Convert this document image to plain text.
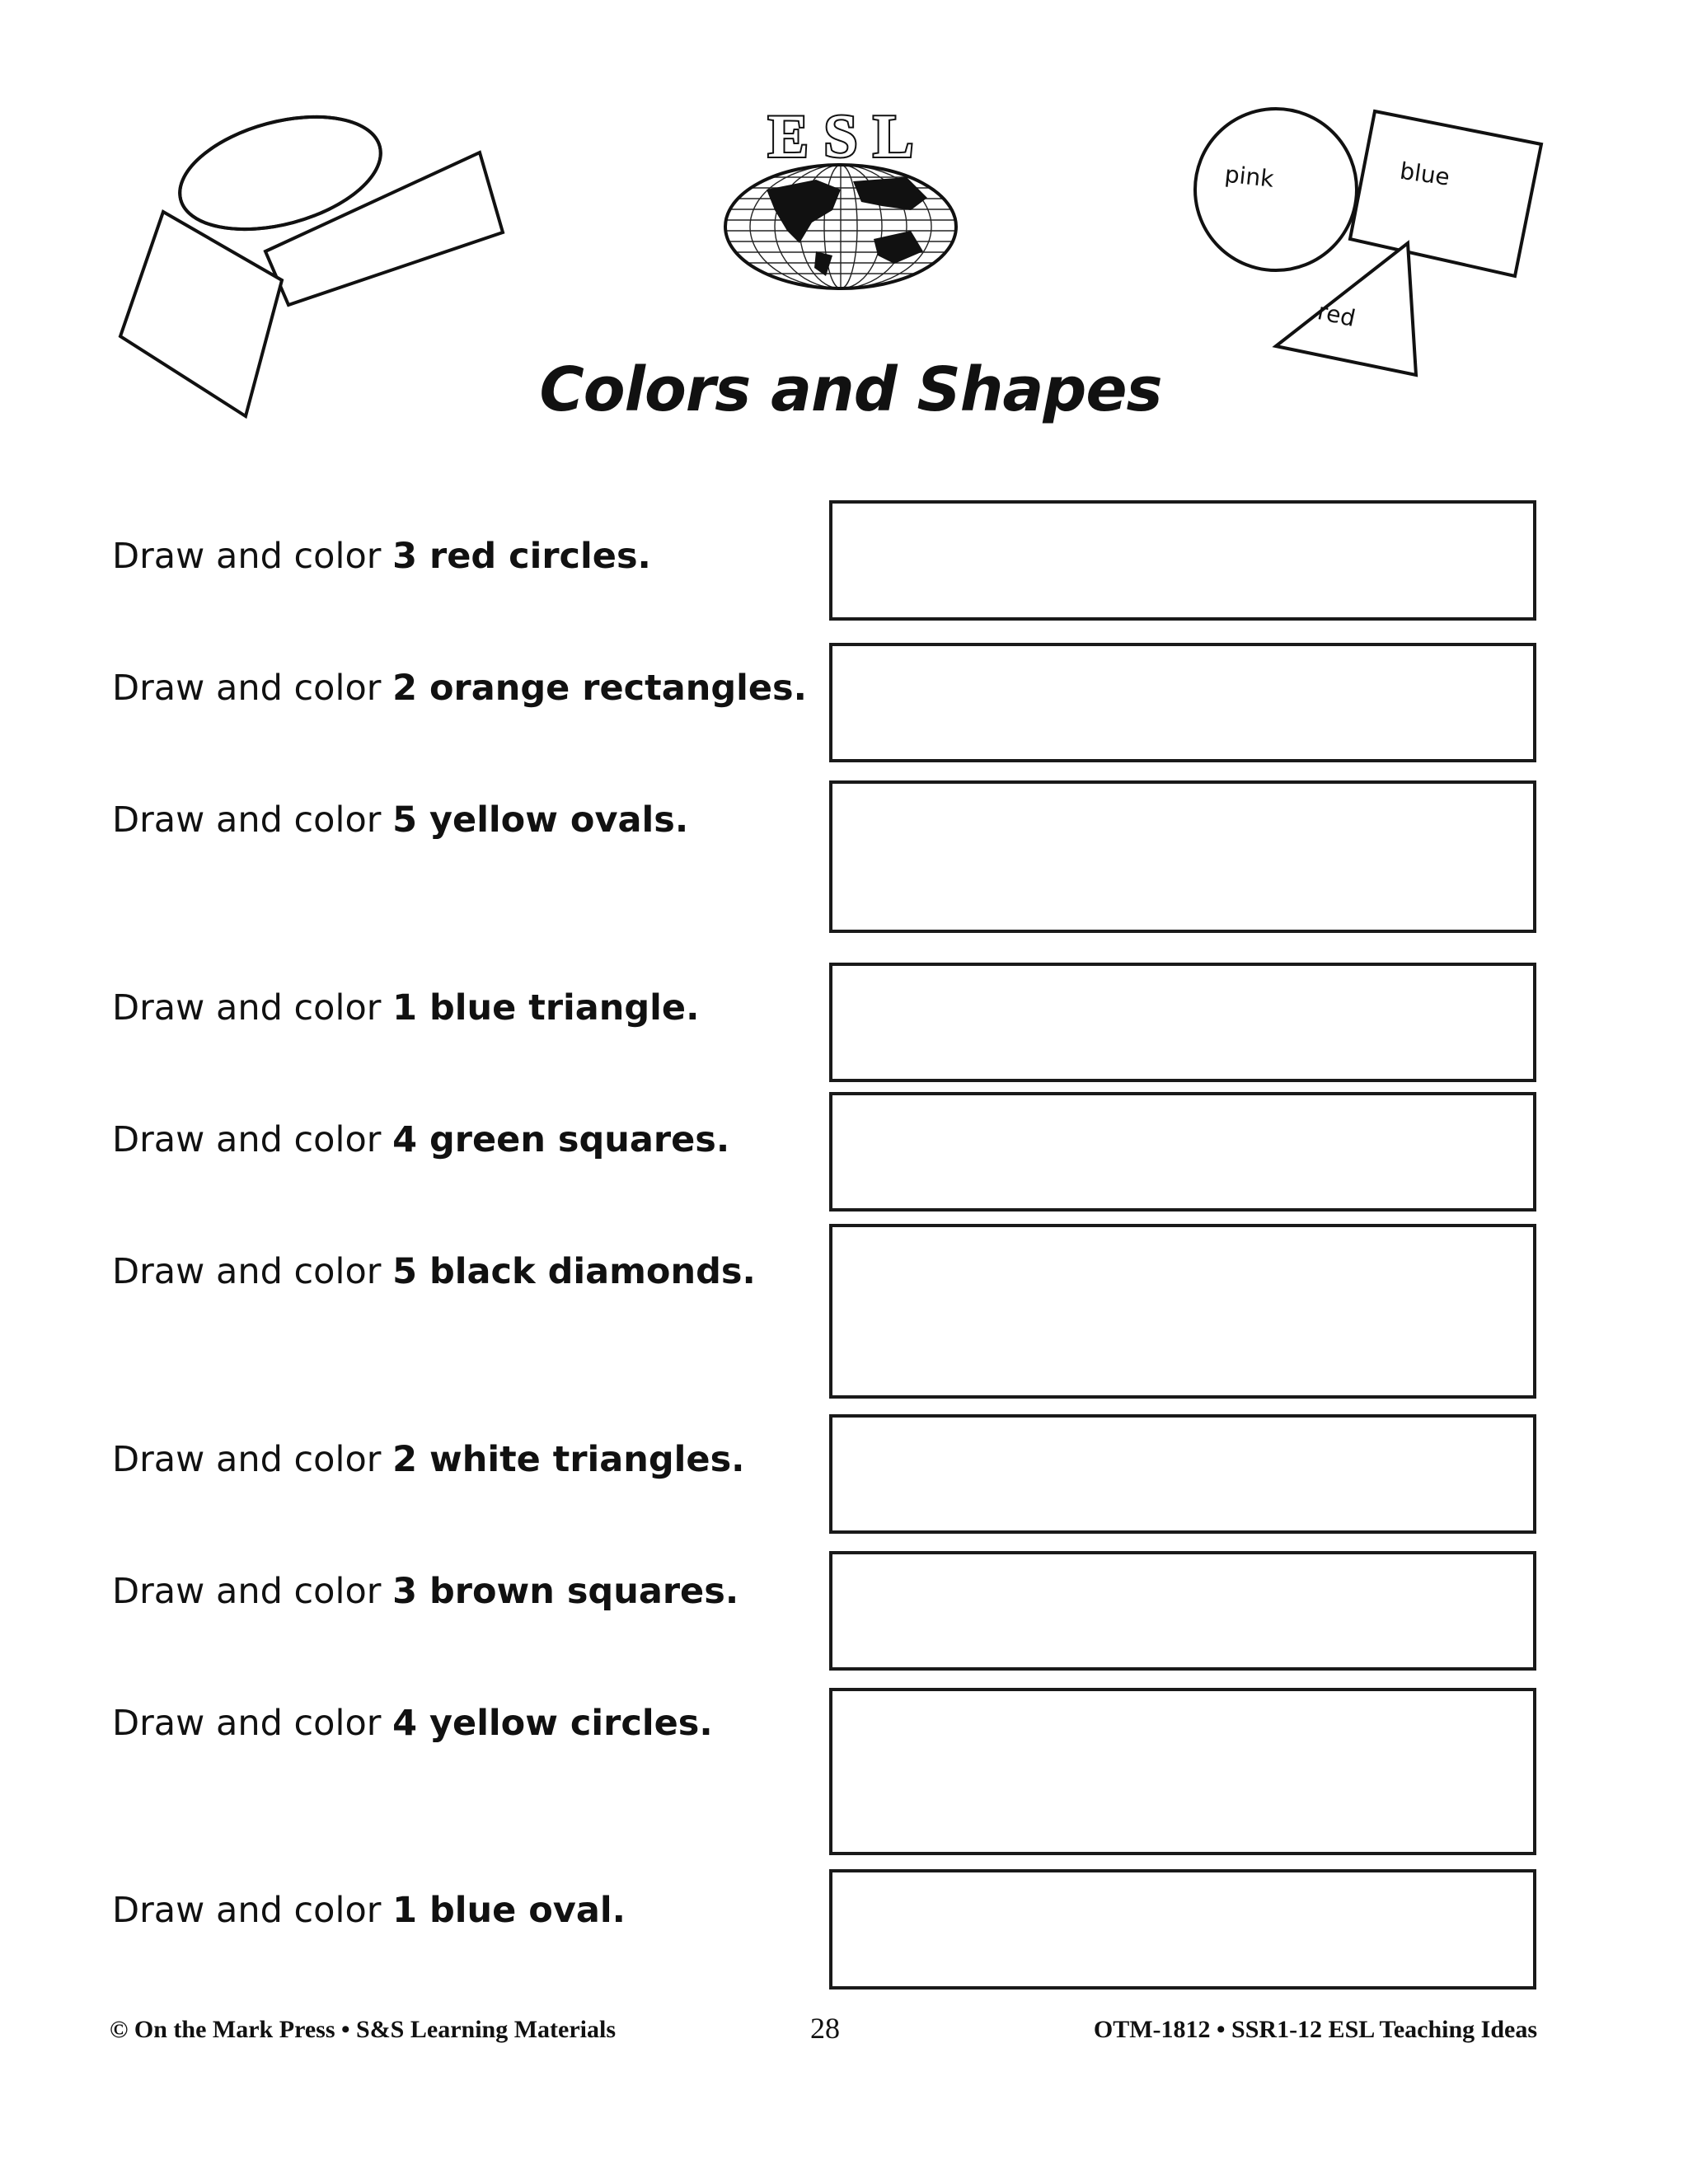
E S L
pink	blue
red
Colors and Shapes
Draw and color 3 red circles.
Draw and color 2 orange rectangles.
Draw and color 5 yellow ovals.
Draw and color 1 blue triangle.
Draw and color 4 green squares.
Draw and color 5 black diamonds.
Draw and color 2 white triangles.
Draw and color 3 brown squares.
Draw and color 4 yellow circles.
Draw and color 1 blue oval.
© On the Mark Press • S&S Learning Materials	28	OTM-1812 • SSR1-12 ESL Teaching Ideas
